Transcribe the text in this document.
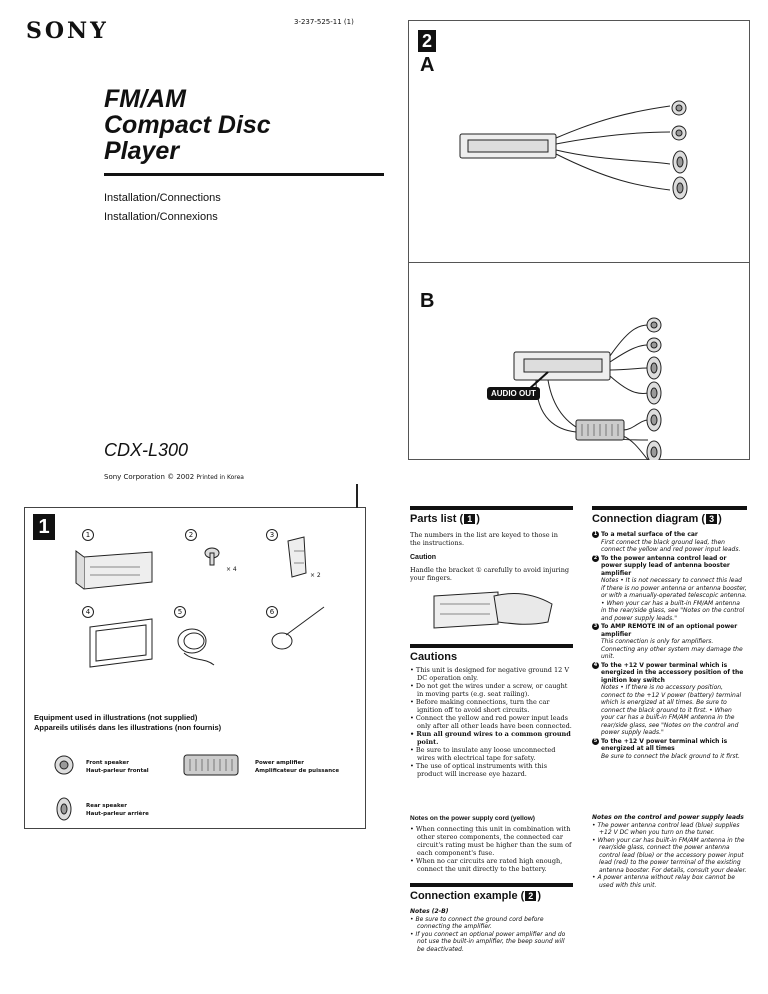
SONY	3-237-525-11 (1)
FM/AM
Compact Disc
Player
Installation/Connections
Installation/Connexions
CDX-L300
Sony Corporation © 2002 Printed in Korea
2
A
B
AUDIO OUT
1	1	2	3
4	5	6
× 4
× 2
Equipment used in illustrations (not supplied)
Appareils utilisés dans les illustrations (non fournis)
Front speaker
Haut-parleur frontal
Power amplifier
Amplificateur de puissance
Rear speaker
Haut-parleur arrière
Parts list ( 1 )
The numbers in the list are keyed to those in the instructions.
Caution
Handle the bracket ① carefully to avoid injuring your fingers.
Cautions
• This unit is designed for negative ground 12 V DC operation only.
• Do not get the wires under a screw, or caught in moving parts (e.g. seat railing).
• Before making connections, turn the car ignition off to avoid short circuits.
• Connect the yellow and red power input leads only after all other leads have been connected.
• Run all ground wires to a common ground point.
• Be sure to insulate any loose unconnected wires with electrical tape for safety.
• The use of optical instruments with this product will increase eye hazard.
Notes on the power supply cord (yellow)
• When connecting this unit in combination with other stereo components, the connected car circuit's rating must be higher than the sum of each component's fuse.
• When no car circuits are rated high enough, connect the unit directly to the battery.
Connection example ( 2 )
Notes (2-B)
• Be sure to connect the ground cord before connecting the amplifier.
• If you connect an optional power amplifier and do not use the built-in amplifier, the beep sound will be deactivated.
Connection diagram ( 3 )
1 To a metal surface of the car
First connect the black ground lead, then connect the yellow and red power input leads.
2 To the power antenna control lead or power supply lead of antenna booster amplifier
Notes • It is not necessary to connect this lead if there is no power antenna or antenna booster, or with a manually-operated telescopic antenna. • When your car has a built-in FM/AM antenna in the rear/side glass, see "Notes on the control and power supply leads."
3 To AMP REMOTE IN of an optional power amplifier
This connection is only for amplifiers. Connecting any other system may damage the unit.
4 To the +12 V power terminal which is energized in the accessory position of the ignition key switch
Notes • If there is no accessory position, connect to the +12 V power (battery) terminal which is energized at all times. Be sure to connect the black ground to it first. • When your car has a built-in FM/AM antenna in the rear/side glass, see "Notes on the control and power supply leads."
5 To the +12 V power terminal which is energized at all times
Be sure to connect the black ground to it first.
Notes on the control and power supply leads
• The power antenna control lead (blue) supplies +12 V DC when you turn on the tuner.
• When your car has built-in FM/AM antenna in the rear/side glass, connect the power antenna control lead (blue) or the accessory power input lead (red) to the power terminal of the existing antenna booster. For details, consult your dealer.
• A power antenna without relay box cannot be used with this unit.
